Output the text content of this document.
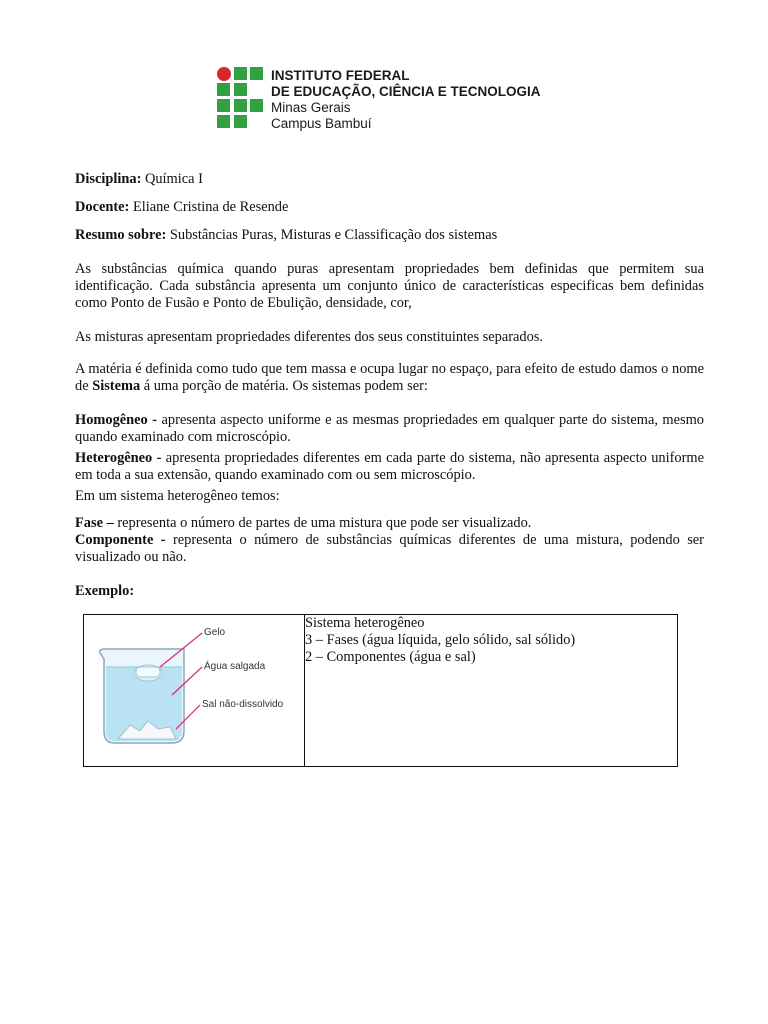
INSTITUTO FEDERAL
DE EDUCAÇÃO, CIÊNCIA E TECNOLOGIA
Minas Gerais
Campus Bambuí
Disciplina: Química I
Docente: Eliane Cristina de Resende
Resumo sobre: Substâncias Puras, Misturas e Classificação dos sistemas
As substâncias química quando puras apresentam propriedades bem definidas que permitem sua identificação. Cada substância apresenta um conjunto único de características especificas bem definidas como Ponto de Fusão e Ponto de Ebulição, densidade, cor,
As misturas apresentam propriedades diferentes dos seus constituintes separados.
A matéria é definida como tudo que tem massa e ocupa lugar no espaço, para efeito de estudo damos o nome de Sistema á uma porção de matéria. Os sistemas podem ser:
Homogêneo - apresenta aspecto uniforme e as mesmas propriedades em qualquer parte do sistema, mesmo quando examinado com microscópio.
Heterogêneo - apresenta propriedades diferentes em cada parte do sistema, não apresenta aspecto uniforme em toda a sua extensão, quando examinado com ou sem microscópio.
Em um sistema heterogêneo temos:
Fase – representa o número de partes de uma mistura que pode ser visualizado.
Componente - representa o número de substâncias químicas diferentes de uma mistura, podendo ser visualizado ou não.
Exemplo:
Gelo
Água salgada
Sal não-dissolvido

Sistema heterogêneo
3 – Fases (água líquida, gelo sólido, sal sólido)
2 – Componentes (água e sal)
